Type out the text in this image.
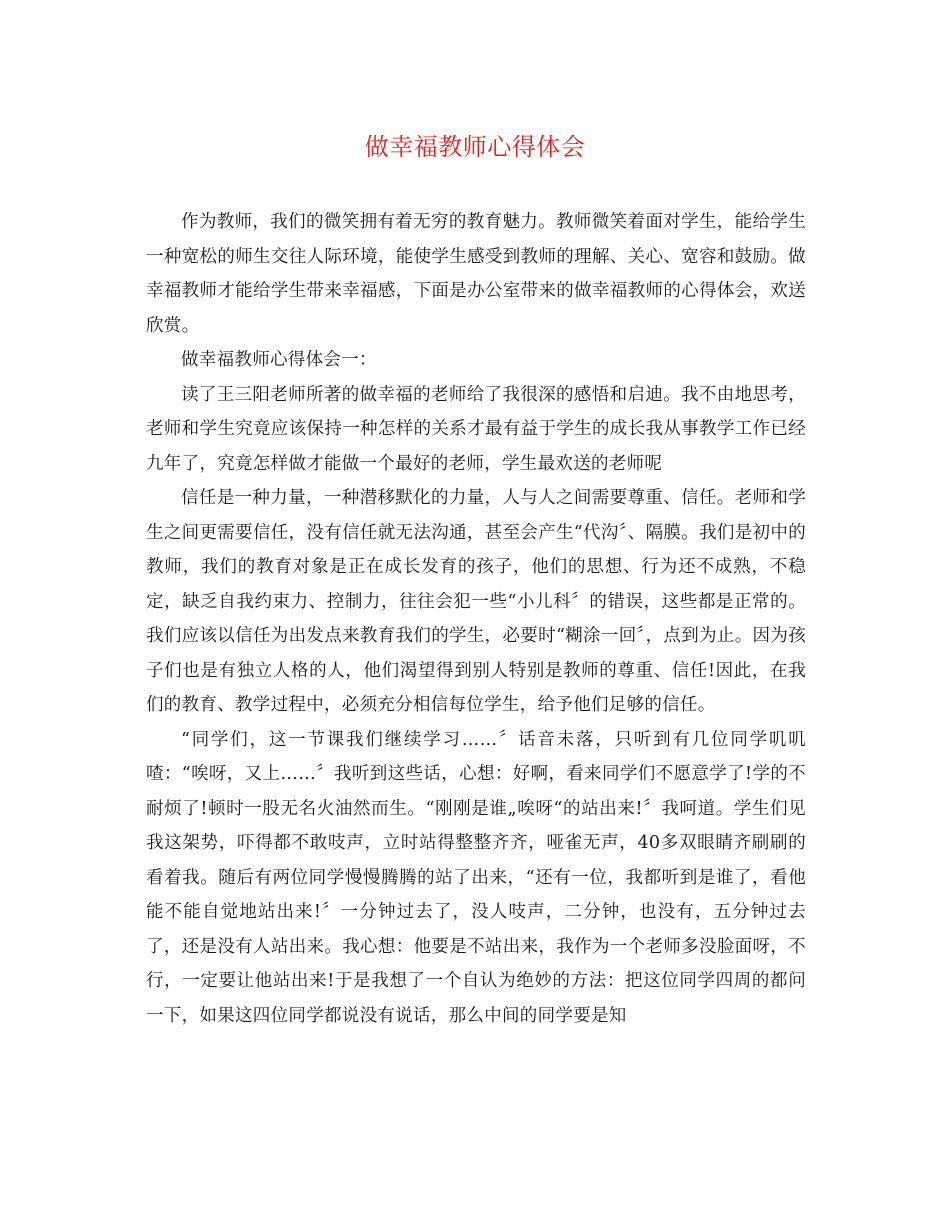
做幸福教师心得体会

作为教师，我们的微笑拥有着无穷的教育魅力。教师微笑着面对学生，能给学生一种宽松的师生交往人际环境，能使学生感受到教师的理解、关心、宽容和鼓励。做幸福教师才能给学生带来幸福感，下面是办公室带来的做幸福教师的心得体会，欢送欣赏。

做幸福教师心得体会一：

读了王三阳老师所著的做幸福的老师给了我很深的感悟和启迪。我不由地思考，老师和学生究竟应该保持一种怎样的关系才最有益于学生的成长我从事教学工作已经九年了，究竟怎样做才能做一个最好的老师，学生最欢送的老师呢

信任是一种力量，一种潜移默化的力量，人与人之间需要尊重、信任。老师和学生之间更需要信任，没有信任就无法沟通，甚至会产生“代沟〞、隔膜。我们是初中的教师，我们的教育对象是正在成长发育的孩子，他们的思想、行为还不成熟，不稳定，缺乏自我约束力、控制力，往往会犯一些“小儿科〞的错误，这些都是正常的。我们应该以信任为出发点来教育我们的学生，必要时“糊涂一回〞，点到为止。因为孩子们也是有独立人格的人，他们渴望得到别人特别是教师的尊重、信任!因此，在我们的教育、教学过程中，必须充分相信每位学生，给予他们足够的信任。

“同学们，这一节课我们继续学习……〞话音未落，只听到有几位同学叽叽喳：“唉呀，又上……〞我听到这些话，心想：好啊，看来同学们不愿意学了!学的不耐烦了!顿时一股无名火油然而生。“刚刚是谁„唉呀“的站出来!〞我呵道。学生们见我这架势，吓得都不敢吱声，立时站得整整齐齐，哑雀无声，40多双眼睛齐刷刷的看着我。随后有两位同学慢慢腾腾的站了出来，“还有一位，我都听到是谁了，看他能不能自觉地站出来!〞一分钟过去了，没人吱声，二分钟，也没有，五分钟过去了，还是没有人站出来。我心想：他要是不站出来，我作为一个老师多没脸面呀，不行，一定要让他站出来!于是我想了一个自认为绝妙的方法：把这位同学四周的都问一下，如果这四位同学都说没有说话，那么中间的同学要是知
